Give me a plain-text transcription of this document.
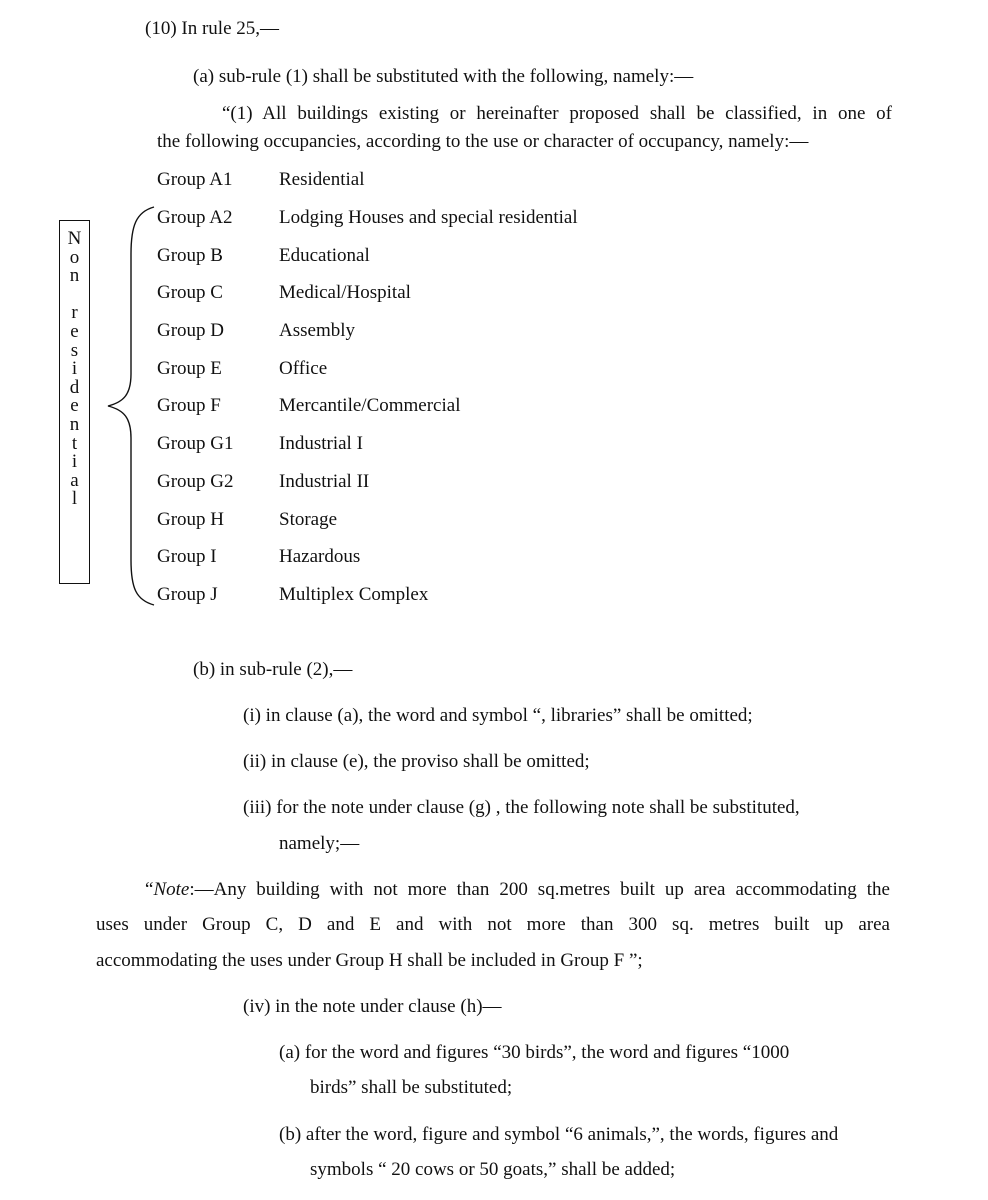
(10) In rule 25,—
(a) sub-rule (1) shall be substituted with the following, namely:—
“(1) All buildings existing or hereinafter proposed shall be classified, in one of
the following occupancies, according to the use or character of occupancy, namely:—
Group A1 Residential
Group A2 Lodging Houses and special residential
Group B	Educational
Group C	Medical/Hospital
Group D	Assembly
Group E	Office
Group F	Mercantile/Commercial
Group G1 Industrial I
Group G2 Industrial II
Group H	Storage
Group I	Hazardous
Group J	Multiplex Complex
N
o
n

r
e
s
i
d
e
n
t
i
a
l
(b) in sub-rule (2),—
(i) in clause (a), the word and symbol “, libraries” shall be omitted;
(ii) in clause (e), the proviso shall be omitted;
(iii) for the note under clause (g) , the following note shall be substituted,
namely;—
“Note:—Any building with not more than 200 sq.metres built up area accommodating the
uses under Group C, D and E and with not more than 300 sq. metres built up area
accommodating the uses under Group H shall be included in Group F ”;
(iv) in the note under clause (h)—
(a) for the word and figures “30 birds”, the word and figures “1000
birds” shall be substituted;
(b) after the word, figure and symbol “6 animals,”, the words, figures and
symbols “ 20 cows or 50 goats,” shall be added;
